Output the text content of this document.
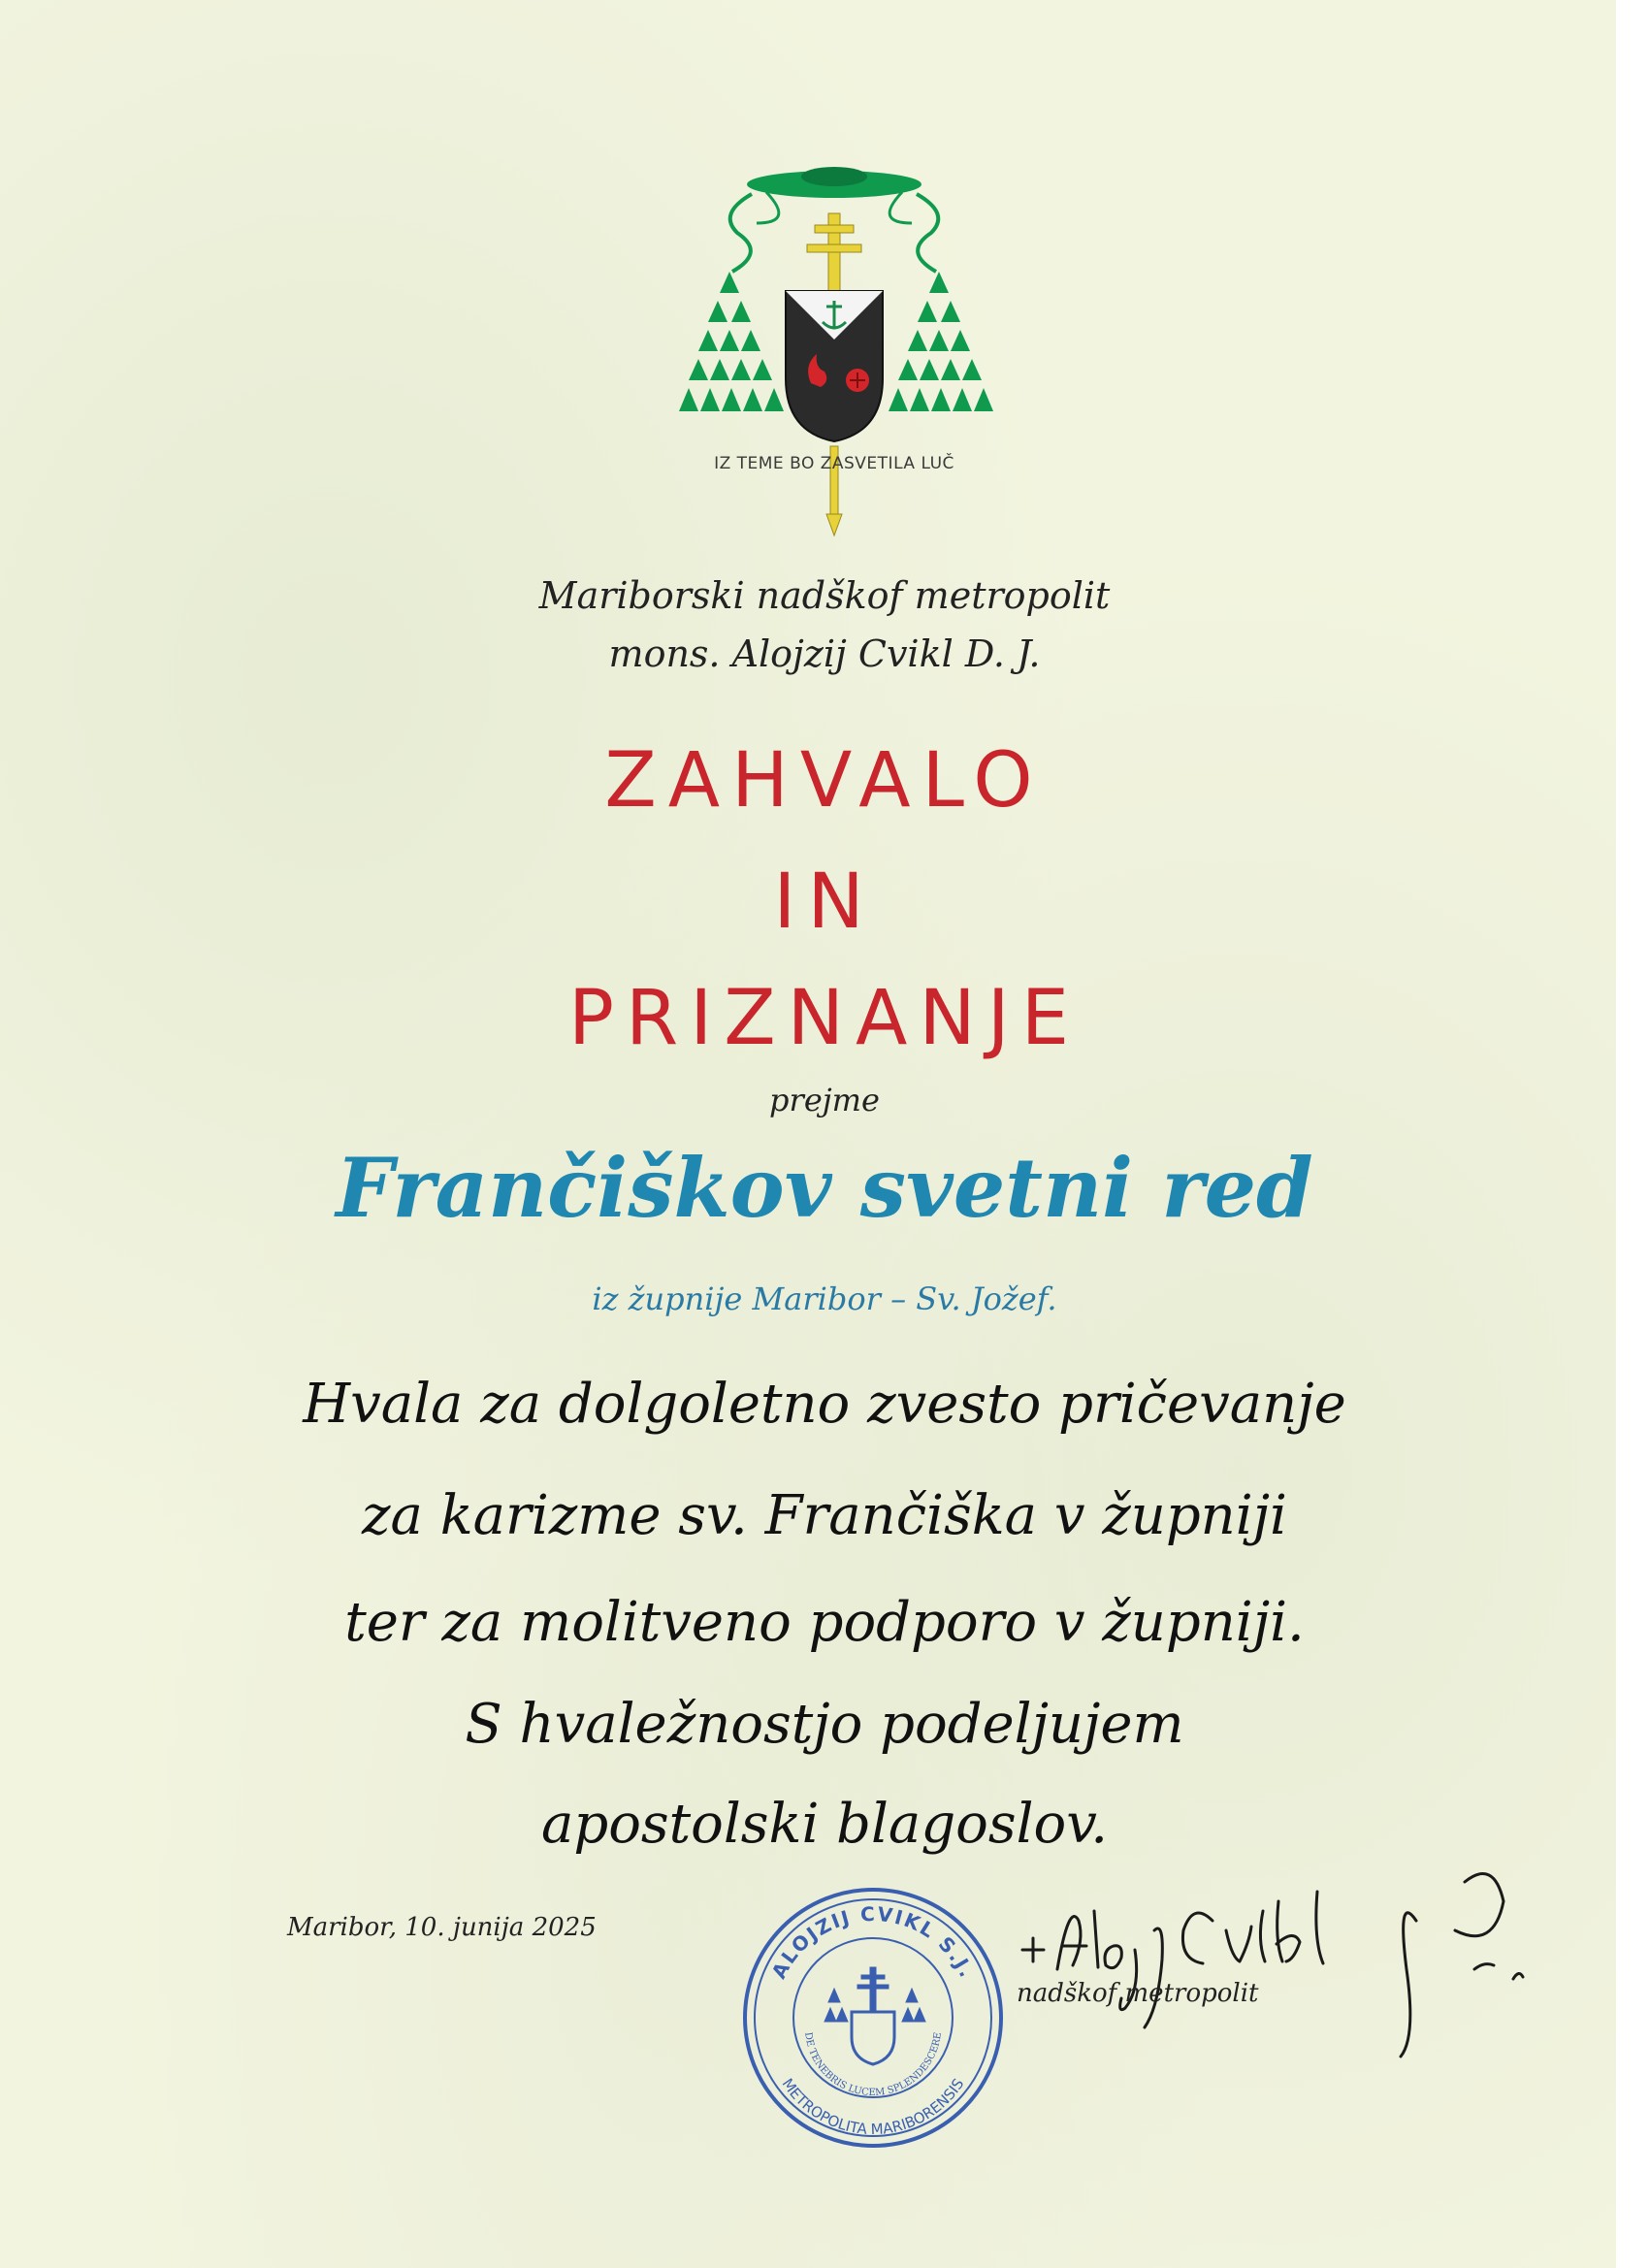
IZ TEME BO ZASVETILA LUČ
Mariborski nadškof metropolit
mons. Alojzij Cvikl D. J.
ZAHVALO
IN
PRIZNANJE
prejme
Frančiškov svetni red
iz župnije Maribor – Sv. Jožef.
Hvala za dolgoletno zvesto pričevanje
za karizme sv. Frančiška v župniji
ter za molitveno podporo v župniji.
S hvaležnostjo podeljujem
apostolski blagoslov.
Maribor, 10. junija 2025
ALOJZIJ CVIKL S.J.
METROPOLITA MARIBORENSIS
DE TENEBRIS LUCEM SPLENDESCERE
nadškof metropolit
